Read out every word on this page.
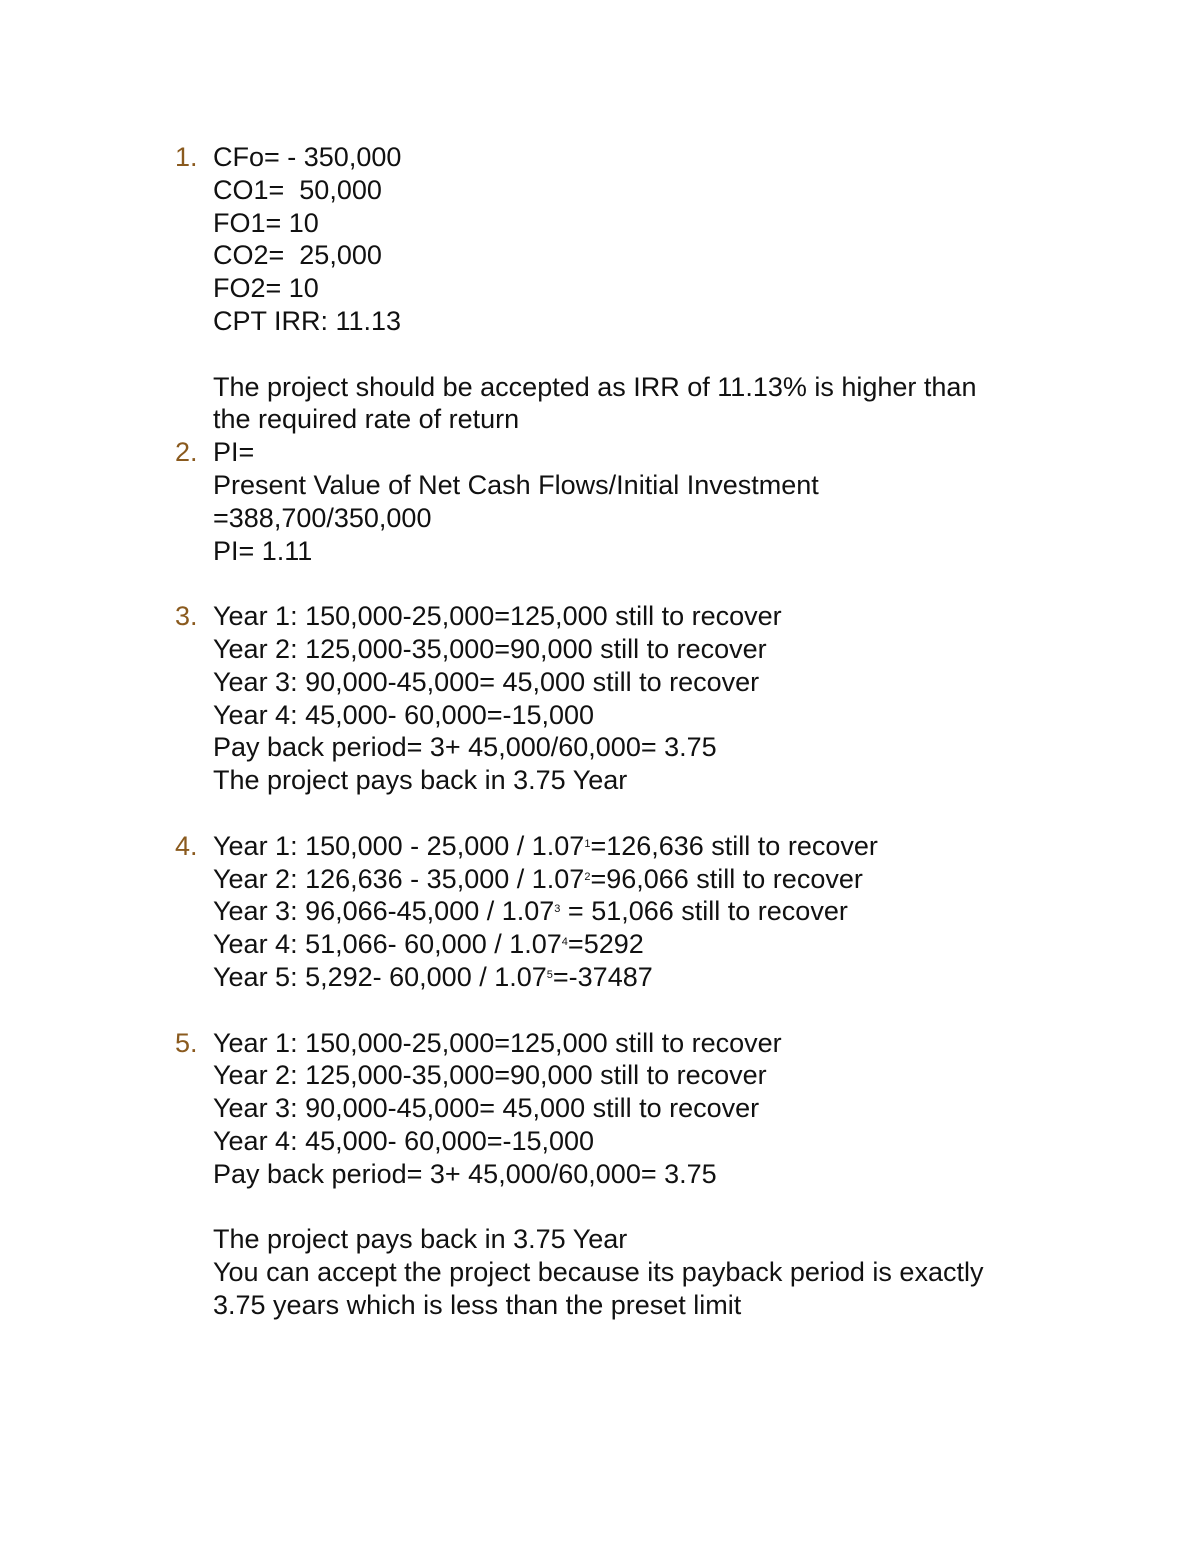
1. CFo= - 350,000
CO1=  50,000
FO1= 10
CO2=  25,000
FO2= 10
CPT IRR: 11.13
The project should be accepted as IRR of 11.13% is higher than
the required rate of return
2. PI=
Present Value of Net Cash Flows/Initial Investment
=388,700/350,000
PI= 1.11
3. Year 1: 150,000-25,000=125,000 still to recover
Year 2: 125,000-35,000=90,000 still to recover
Year 3: 90,000-45,000= 45,000 still to recover
Year 4: 45,000- 60,000=-15,000
Pay back period= 3+ 45,000/60,000= 3.75
The project pays back in 3.75 Year
4. Year 1: $150,000 - 25,000 / 1.07^1=126,636$ still to recover
Year 2: $126,636 - 35,000 / 1.07^2=96,066$ still to recover
Year 3: $96,066-45,000 / 1.07^3 = 51,066$ still to recover
Year 4: 51,066- $60,000 / 1.07^4=5292$
Year 5: 5,292- $60,000 / 1.07^5=-37487$
5. Year 1: 150,000-25,000=125,000 still to recover
Year 2: 125,000-35,000=90,000 still to recover
Year 3: 90,000-45,000= 45,000 still to recover
Year 4: 45,000- 60,000=-15,000
Pay back period= 3+ 45,000/60,000= 3.75
The project pays back in 3.75 Year
You can accept the project because its payback period is exactly
3.75 years which is less than the preset limit
